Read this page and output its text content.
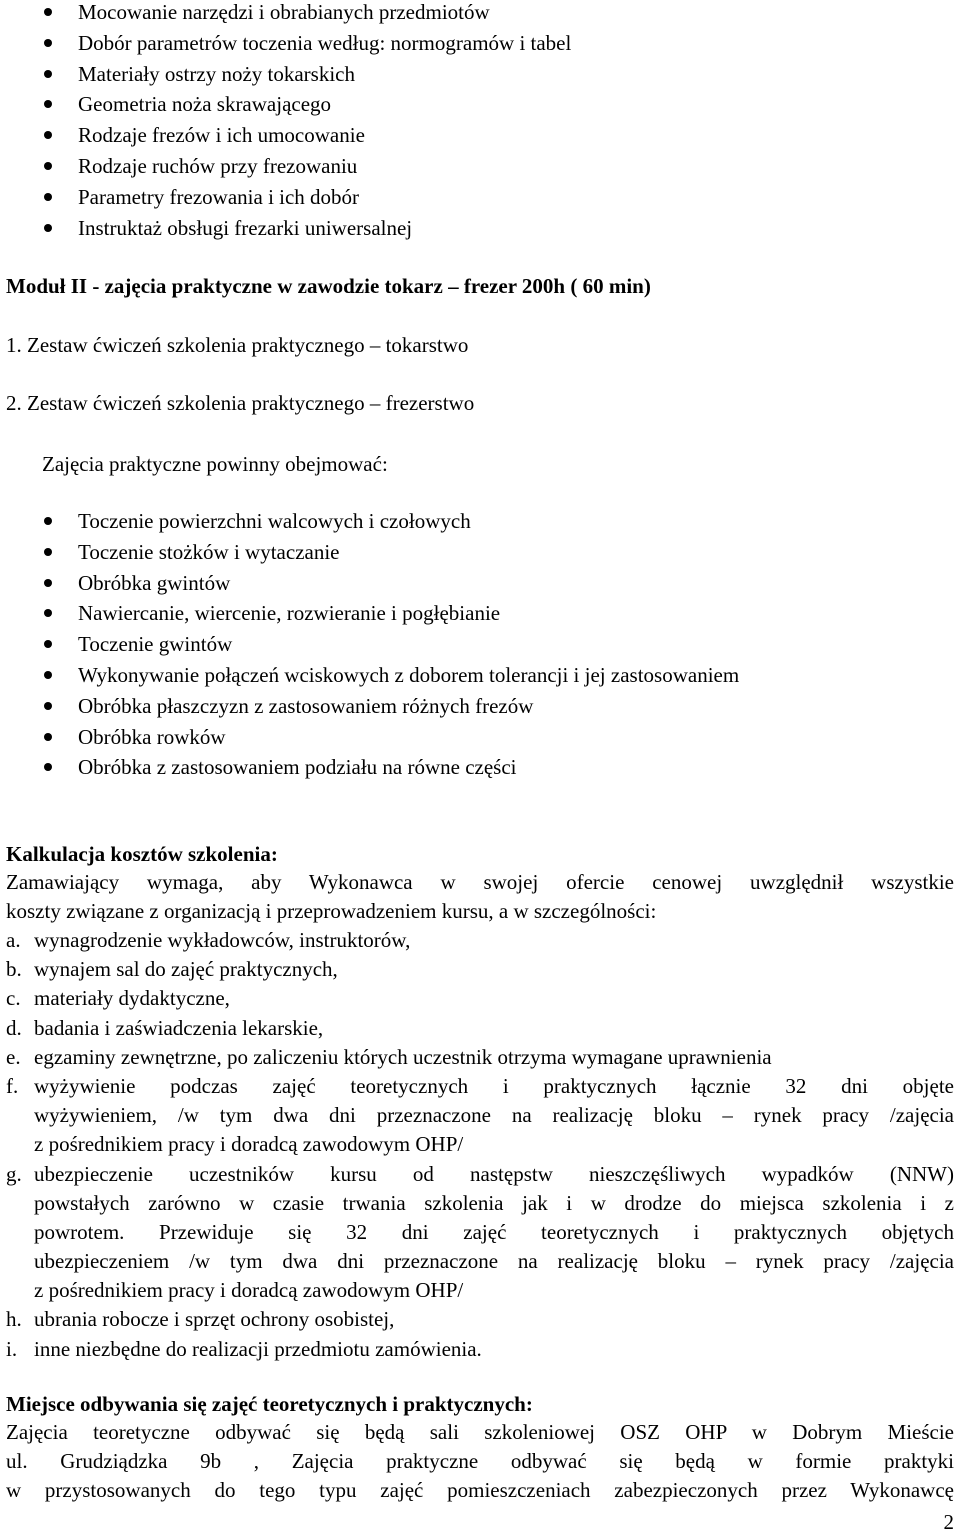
Mocowanie narzędzi i obrabianych przedmiotów
Dobór parametrów toczenia według: normogramów i tabel
Materiały ostrzy noży tokarskich
Geometria noża skrawającego
Rodzaje frezów i ich umocowanie
Rodzaje ruchów przy frezowaniu
Parametry frezowania i ich dobór
Instruktaż obsługi frezarki uniwersalnej
Moduł II - zajęcia praktyczne w zawodzie tokarz – frezer 200h ( 60 min)
1. Zestaw ćwiczeń szkolenia praktycznego – tokarstwo
2. Zestaw ćwiczeń szkolenia praktycznego – frezerstwo
Zajęcia praktyczne powinny obejmować:
Toczenie powierzchni walcowych i czołowych
Toczenie stożków i wytaczanie
Obróbka gwintów
Nawiercanie, wiercenie, rozwieranie i pogłębianie
Toczenie gwintów
Wykonywanie połączeń wciskowych z doborem tolerancji i jej zastosowaniem
Obróbka płaszczyzn z zastosowaniem różnych frezów
Obróbka rowków
Obróbka z zastosowaniem podziału na równe części
Kalkulacja kosztów szkolenia:
Zamawiający wymaga, aby Wykonawca w swojej ofercie cenowej uwzględnił wszystkie
koszty związane z organizacją i przeprowadzeniem kursu, a w szczególności:
a. wynagrodzenie wykładowców, instruktorów,
b. wynajem sal do zajęć praktycznych,
c. materiały dydaktyczne,
d. badania i zaświadczenia lekarskie,
e. egzaminy zewnętrzne, po zaliczeniu których uczestnik otrzyma wymagane uprawnienia
f. wyżywienie podczas zajęć teoretycznych i praktycznych łącznie 32 dni objęte
wyżywieniem, /w tym dwa dni przeznaczone na realizację bloku – rynek pracy /zajęcia
z pośrednikiem pracy i doradcą zawodowym OHP/
g. ubezpieczenie uczestników kursu od następstw nieszczęśliwych wypadków (NNW)
powstałych zarówno w czasie trwania szkolenia jak i w drodze do miejsca szkolenia i z
powrotem. Przewiduje się 32 dni zajęć teoretycznych i praktycznych objętych
ubezpieczeniem /w tym dwa dni przeznaczone na realizację bloku – rynek pracy /zajęcia
z pośrednikiem pracy i doradcą zawodowym OHP/
h. ubrania robocze i sprzęt ochrony osobistej,
i. inne niezbędne do realizacji przedmiotu zamówienia.
Miejsce odbywania się zajęć teoretycznych i praktycznych:
Zajęcia teoretyczne odbywać się będą sali szkoleniowej OSZ OHP w Dobrym Mieście
ul. Grudziądzka 9b , Zajęcia praktyczne odbywać się będą w formie praktyki
w przystosowanych do tego typu zajęć pomieszczeniach zabezpieczonych przez Wykonawcę
2
